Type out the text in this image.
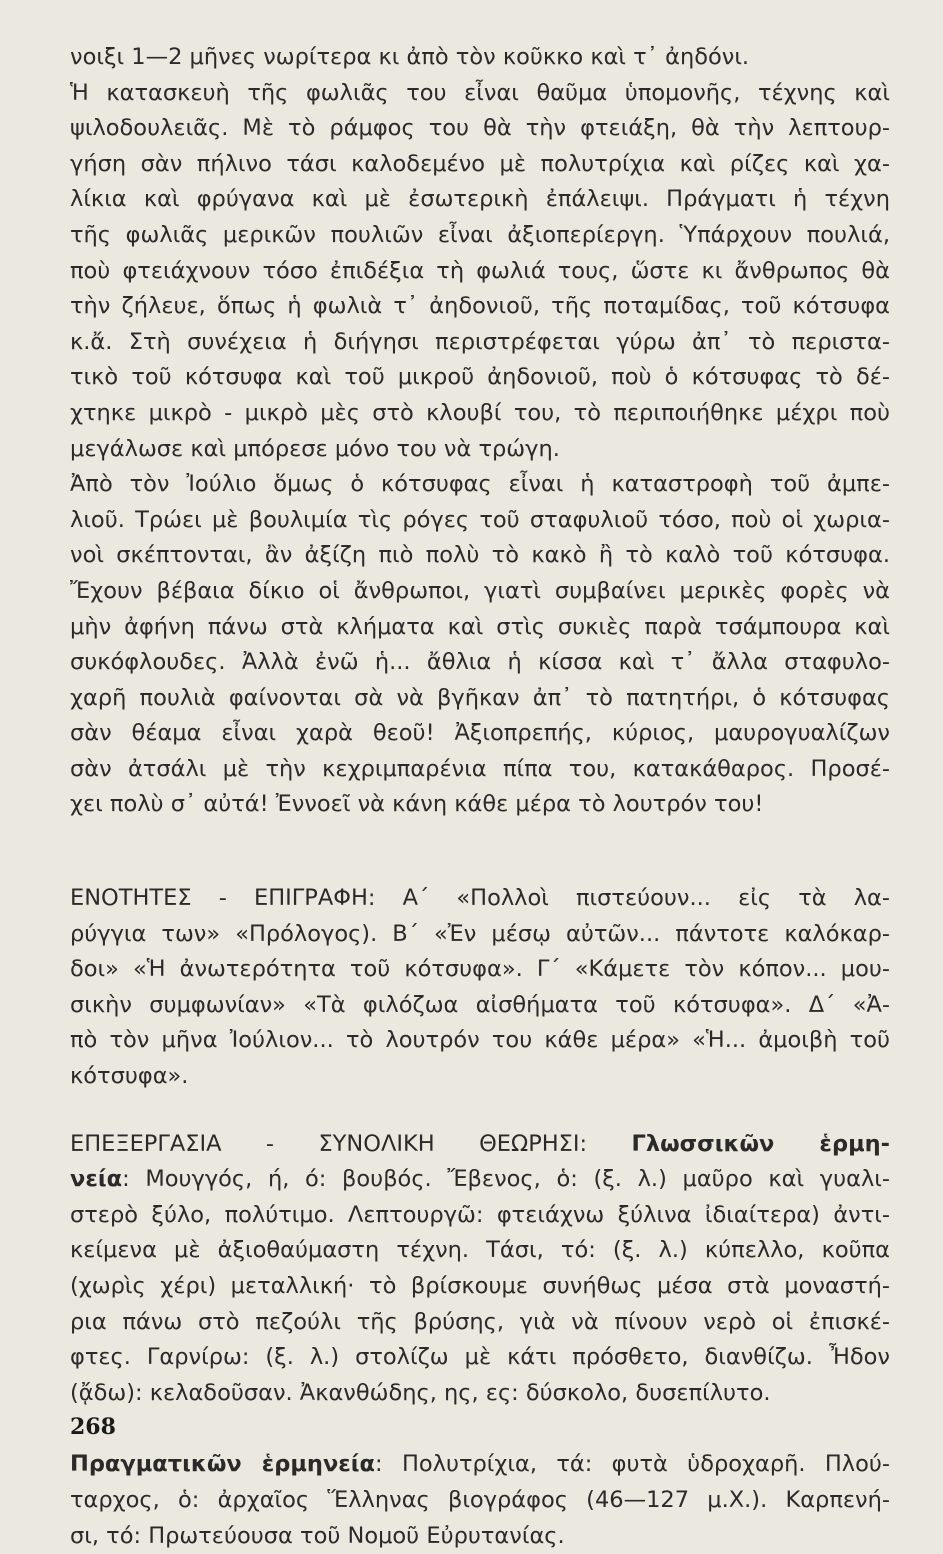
νοιξι 1—2 μῆνες νωρίτερα κι ἀπὸ τὸν κοῦκκο καὶ τ᾽ ἀηδόνι.
Ἡ κατασκευὴ τῆς φωλιᾶς του εἶναι θαῦμα ὑπομονῆς, τέχνης καὶ
ψιλοδουλειᾶς. Μὲ τὸ ράμφος του θὰ τὴν φτειάξη, θὰ τὴν λεπτουρ-
γήση σὰν πήλινο τάσι καλοδεμένο μὲ πολυτρίχια καὶ ρίζες καὶ χα-
λίκια καὶ φρύγανα καὶ μὲ ἐσωτερικὴ ἐπάλειψι. Πράγματι ἡ τέχνη
τῆς φωλιᾶς μερικῶν πουλιῶν εἶναι ἀξιοπερίεργη. Ὑπάρχουν πουλιά,
ποὺ φτειάχνουν τόσο ἐπιδέξια τὴ φωλιά τους, ὥστε κι ἄνθρωπος θὰ
τὴν ζήλευε, ὅπως ἡ φωλιὰ τ᾽ ἀηδονιοῦ, τῆς ποταμίδας, τοῦ κότσυφα
κ.ἄ. Στὴ συνέχεια ἡ διήγησι περιστρέφεται γύρω ἀπ᾽ τὸ περιστα-
τικὸ τοῦ κότσυφα καὶ τοῦ μικροῦ ἀηδονιοῦ, ποὺ ὁ κότσυφας τὸ δέ-
χτηκε μικρὸ - μικρὸ μὲς στὸ κλουβί του, τὸ περιποιήθηκε μέχρι ποὺ
μεγάλωσε καὶ μπόρεσε μόνο του νὰ τρώγη.
Ἀπὸ τὸν Ἰούλιο ὅμως ὁ κότσυφας εἶναι ἡ καταστροφὴ τοῦ ἀμπε-
λιοῦ. Τρώει μὲ βουλιμία τὶς ρόγες τοῦ σταφυλιοῦ τόσο, ποὺ οἱ χωρια-
νοὶ σκέπτονται, ἂν ἀξίζη πιὸ πολὺ τὸ κακὸ ἢ τὸ καλὸ τοῦ κότσυφα.
Ἔχουν βέβαια δίκιο οἱ ἄνθρωποι, γιατὶ συμβαίνει μερικὲς φορὲς νὰ
μὴν ἀφήνη πάνω στὰ κλήματα καὶ στὶς συκιὲς παρὰ τσάμπουρα καὶ
συκόφλουδες. Ἀλλὰ ἐνῶ ἡ... ἄθλια ἡ κίσσα καὶ τ᾽ ἄλλα σταφυλο-
χαρῆ πουλιὰ φαίνονται σὰ νὰ βγῆκαν ἀπ᾽ τὸ πατητήρι, ὁ κότσυφας
σὰν θέαμα εἶναι χαρὰ θεοῦ! Ἀξιοπρεπής, κύριος, μαυρογυαλίζων
σὰν ἀτσάλι μὲ τὴν κεχριμπαρένια πίπα του, κατακάθαρος. Προσέ-
χει πολὺ σ᾽ αὐτά! Ἐννοεῖ νὰ κάνη κάθε μέρα τὸ λουτρόν του!
ΕΝΟΤΗΤΕΣ - ΕΠΙΓΡΑΦΗ: Α΄ «Πολλοὶ πιστεύουν... εἰς τὰ λα-
ρύγγια των» «Πρόλογος). Β΄ «Ἐν μέσῳ αὐτῶν... πάντοτε καλόκαρ-
δοι» «Ἡ ἀνωτερότητα τοῦ κότσυφα». Γ΄ «Κάμετε τὸν κόπον... μου-
σικὴν συμφωνίαν» «Τὰ φιλόζωα αἰσθήματα τοῦ κότσυφα». Δ΄ «Ἀ-
πὸ τὸν μῆνα Ἰούλιον... τὸ λουτρόν του κάθε μέρα» «Ἡ... ἀμοιβὴ τοῦ
κότσυφα».
ΕΠΕΞΕΡΓΑΣΙΑ - ΣΥΝΟΛΙΚΗ ΘΕΩΡΗΣΙ: Γλωσσικῶν ἑρμη-
νεία: Μουγγός, ή, ό: βουβός. Ἔβενος, ὁ: (ξ. λ.) μαῦρο καὶ γυαλι-
στερὸ ξύλο, πολύτιμο. Λεπτουργῶ: φτειάχνω ξύλινα ἰδιαίτερα) ἀντι-
κείμενα μὲ ἀξιοθαύμαστη τέχνη. Τάσι, τό: (ξ. λ.) κύπελλο, κοῦπα
(χωρὶς χέρι) μεταλλική· τὸ βρίσκουμε συνήθως μέσα στὰ μοναστή-
ρια πάνω στὸ πεζούλι τῆς βρύσης, γιὰ νὰ πίνουν νερὸ οἱ ἐπισκέ-
φτες. Γαρνίρω: (ξ. λ.) στολίζω μὲ κάτι πρόσθετο, διανθίζω. Ἦδον
(ᾄδω): κελαδοῦσαν. Ἀκανθώδης, ης, ες: δύσκολο, δυσεπίλυτο.
Πραγματικῶν ἑρμηνεία: Πολυτρίχια, τά: φυτὰ ὑδροχαρῆ. Πλού-
ταρχος, ὁ: ἀρχαῖος Ἕλληνας βιογράφος (46—127 μ.Χ.). Καρπενή-
σι, τό: Πρωτεύουσα τοῦ Νομοῦ Εὐρυτανίας.
268
